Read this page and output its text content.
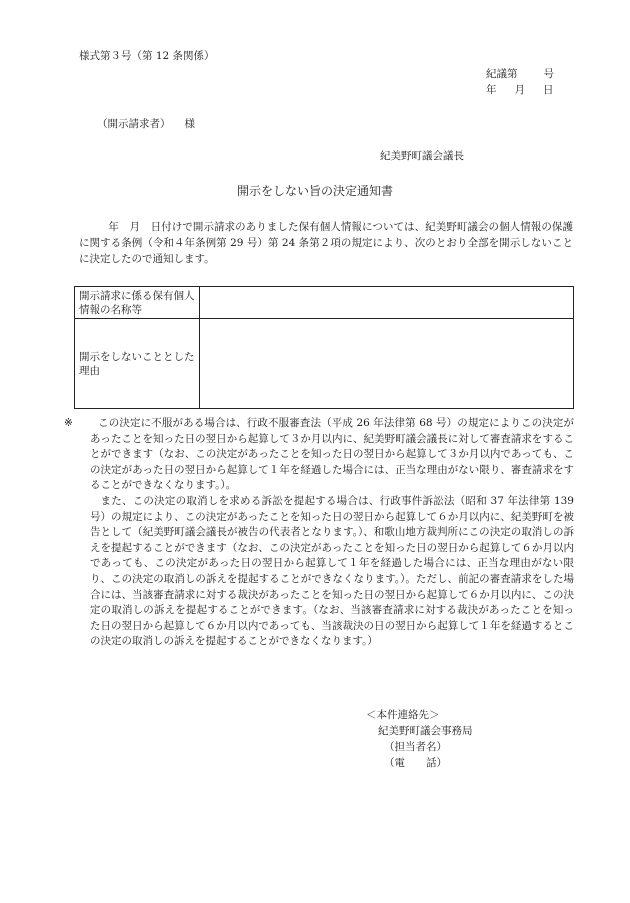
様式第３号（第 12 条関係）
紀議第 号
年 月 日
（開示請求者） 様
紀美野町議会議長
開示をしない旨の決定通知書

年　月　日付けで開示請求のありました保有個人情報については、紀美野町議会の個人情報の保護に関する条例（令和４年条例第 29 号）第 24 条第２項の規定により、次のとおり全部を開示しないことに決定したので通知します。

開示請求に係る保有個人情報の名称等	
開示をしないこととした理由	

※ この決定に不服がある場合は、行政不服審査法（平成 26 年法律第 68 号）の規定によりこの決定があったことを知った日の翌日から起算して３か月以内に、紀美野町議会議長に対して審査請求をすることができます（なお、この決定があったことを知った日の翌日から起算して３か月以内であっても、この決定があった日の翌日から起算して１年を経過した場合には、正当な理由がない限り、審査請求をすることができなくなります。）。

また、この決定の取消しを求める訴訟を提起する場合は、行政事件訴訟法（昭和 37 年法律第 139 号）の規定により、この決定があったことを知った日の翌日から起算して６か月以内に、紀美野町を被告として（紀美野町議会議長が被告の代表者となります。）、和歌山地方裁判所にこの決定の取消しの訴えを提起することができます（なお、この決定があったことを知った日の翌日から起算して６か月以内であっても、この決定があった日の翌日から起算して１年を経過した場合には、正当な理由がない限り、この決定の取消しの訴えを提起することができなくなります。）。ただし、前記の審査請求をした場合には、当該審査請求に対する裁決があったことを知った日の翌日から起算して６か月以内に、この決定の取消しの訴えを提起することができます。（なお、当該審査請求に対する裁決があったことを知った日の翌日から起算して６か月以内であっても、当該裁決の日の翌日から起算して１年を経過するとこの決定の取消しの訴えを提起することができなくなります。）

＜本件連絡先＞
紀美野町議会事務局
（担当者名）
（電　　話）
